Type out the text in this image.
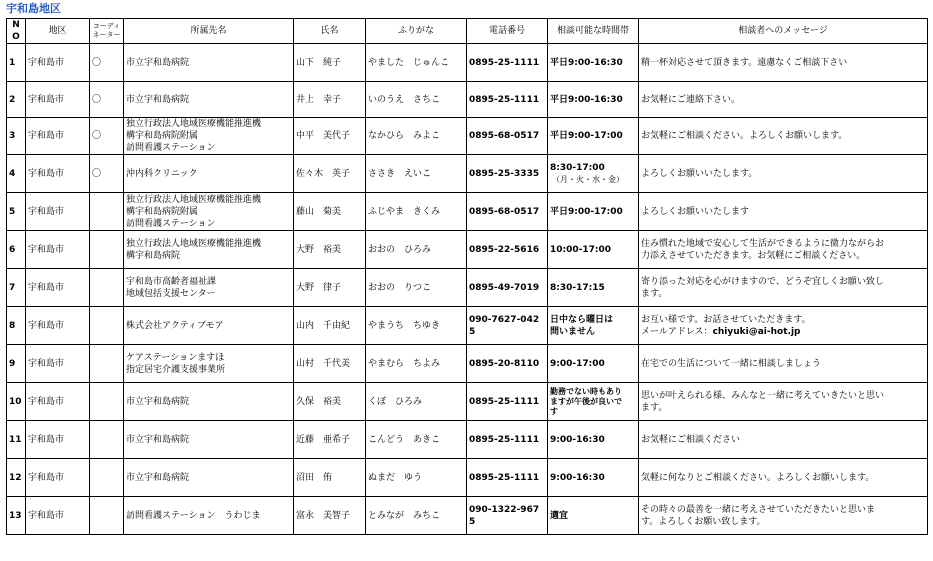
宇和島地区
NO	地区	コーディ
ネーター	所属先名	氏名	ふりがな	電話番号	相談可能な時間帯	相談者へのメッセージ
1	宇和島市	〇	市立宇和島病院	山下　純子	やました　じゅんこ	0895-25-1111	平日9:00-16:30	精一杯対応させて頂きます。遠慮なくご相談下さい

2	宇和島市	〇	市立宇和島病院	井上　幸子	いのうえ　さちこ	0895-25-1111	平日9:00-16:30	お気軽にご連絡下さい。

3	宇和島市	〇	独立行政法人地域医療機能推進機
構宇和島病院附属
訪問看護ステーション	中平　美代子	なかひら　みよこ	0895-68-0517	平日9:00-17:00	お気軽にご相談ください。よろしくお願いします。

4	宇和島市	〇	沖内科クリニック	佐々木　英子	ささき　えいこ	0895-25-3335	8:30-17:00
（月・火・水・金）	よろしくお願いいたします。

5	宇和島市		独立行政法人地域医療機能推進機
構宇和島病院附属
訪問看護ステーション	藤山　菊美	ふじやま　きくみ	0895-68-0517	平日9:00-17:00	よろしくお願いいたします

6	宇和島市		独立行政法人地域医療機能推進機
構宇和島病院	大野　裕美	おおの　ひろみ	0895-22-5616	10:00-17:00	住み慣れた地域で安心して生活ができるように微力ながらお
力添えさせていただきます。お気軽にご相談ください。

7	宇和島市		宇和島市高齢者福祉課
地域包括支援センター	大野　律子	おおの　りつこ	0895-49-7019	8:30-17:15	寄り添った対応を心がけますので、どうぞ宜しくお願い致し
ます。

8	宇和島市		株式会社アクティブモア	山内　千由紀	やまうち　ちゆき	090-7627-0425	日中なら曜日は
問いません	お互い様です。お話させていただきます。
メールアドレス：chiyuki@ai-hot.jp

9	宇和島市		ケアステーションますほ
指定居宅介護支援事業所	山村　千代美	やまむら　ちよみ	0895-20-8110	9:00-17:00	在宅での生活について一緒に相談しましょう

10	宇和島市		市立宇和島病院	久保　裕美	くぼ　ひろみ	0895-25-1111	勤務でない時もあり
ますが午後が良いで
す	思いが叶えられる様、みんなと一緒に考えていきたいと思い
ます。

11	宇和島市		市立宇和島病院	近藤　亜希子	こんどう　あきこ	0895-25-1111	9:00-16:30	お気軽にご相談ください

12	宇和島市		市立宇和島病院	沼田　侑	ぬまだ　ゆう	0895-25-1111	9:00-16:30	気軽に何なりとご相談ください。よろしくお願いします。

13	宇和島市		訪問看護ステーション　うわじま	富永　美智子	とみなが　みちこ	090-1322-9675	適宜	その時々の最善を一緒に考えさせていただきたいと思いま
す。よろしくお願い致します。
